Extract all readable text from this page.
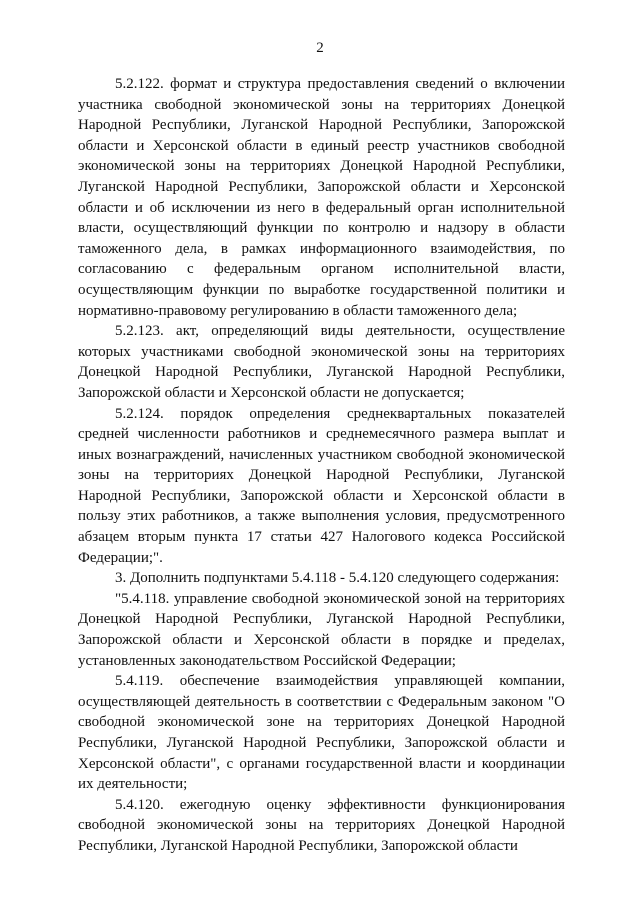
2

5.2.122. формат и структура предоставления сведений о включении участника свободной экономической зоны на территориях Донецкой Народной Республики, Луганской Народной Республики, Запорожской области и Херсонской области в единый реестр участников свободной экономической зоны на территориях Донецкой Народной Республики, Луганской Народной Республики, Запорожской области и Херсонской области и об исключении из него в федеральный орган исполнительной власти, осуществляющий функции по контролю и надзору в области таможенного дела, в рамках информационного взаимодействия, по согласованию с федеральным органом исполнительной власти, осуществляющим функции по выработке государственной политики и нормативно-правовому регулированию в области таможенного дела;

5.2.123. акт, определяющий виды деятельности, осуществление которых участниками свободной экономической зоны на территориях Донецкой Народной Республики, Луганской Народной Республики, Запорожской области и Херсонской области не допускается;

5.2.124. порядок определения среднеквартальных показателей средней численности работников и среднемесячного размера выплат и иных вознаграждений, начисленных участником свободной экономической зоны на территориях Донецкой Народной Республики, Луганской Народной Республики, Запорожской области и Херсонской области в пользу этих работников, а также выполнения условия, предусмотренного абзацем вторым пункта 17 статьи 427 Налогового кодекса Российской Федерации;".

3. Дополнить подпунктами 5.4.118 - 5.4.120 следующего содержания:

"5.4.118. управление свободной экономической зоной на территориях Донецкой Народной Республики, Луганской Народной Республики, Запорожской области и Херсонской области в порядке и пределах, установленных законодательством Российской Федерации;

5.4.119. обеспечение взаимодействия управляющей компании, осуществляющей деятельность в соответствии с Федеральным законом "О свободной экономической зоне на территориях Донецкой Народной Республики, Луганской Народной Республики, Запорожской области и Херсонской области", с органами государственной власти и координации их деятельности;

5.4.120. ежегодную оценку эффективности функционирования свободной экономической зоны на территориях Донецкой Народной Республики, Луганской Народной Республики, Запорожской области
